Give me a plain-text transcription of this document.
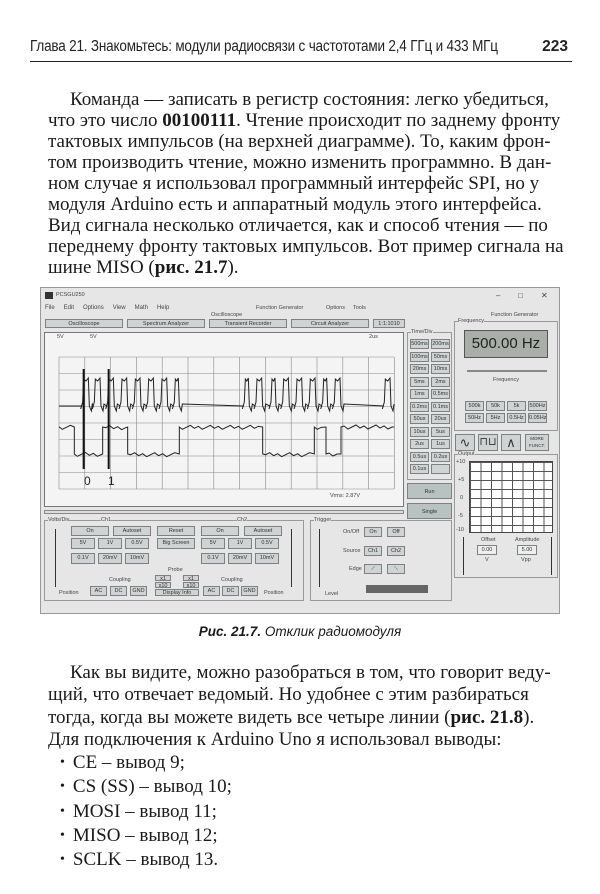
Глава 21. Знакомьтесь: модули радиосвязи с частототами 2,4 ГГц и 433 МГц	223
Команда — записать в регистр состояния: легко убедиться,
что это число 00100111. Чтение происходит по заднему фронту
тактовых импульсов (на верхней диаграмме). То, каким фрон-
том производить чтение, можно изменить программно. В дан-
ном случае я использовал программный интерфейс SPI, но у
модуля Arduino есть и аппаратный модуль этого интерфейса.
Вид сигнала несколько отличается, как и способ чтения — по
переднему фронту тактовых импульсов. Вот пример сигнала на
шине MISO (рис. 21.7).
PCSGU250	– □ ✕
File Edit Options View Math Help	Function Generator	Options Tools
Oscilloscope
Oscilloscope	Spectrum Analyzer	Transient Recorder	Circuit Analyzer	1:1:1010
5V	5V	2us
0 1
Vrms: 2.87V
Time/Div
500ms 200ms
100ms	50ms
20ms	10ms
5ms	2ms
1ms	0.5ms
0.2ms	0.1ms
50us	20us
10us	5us
2us	1us
0.5us	0.2us
0.1us
Run
Single
Function Generator
Frequency
500.00 Hz
Frequency
500k	50k	5k	500Hz
50Hz	5Hz	0.5Hz 0.05Hz
∿ ⊓⊔ ∧	MORE FUNCT.
Output
+10
+5
0
-5
-10
Offset
0.00
V
Amplitude
5.00
Vpp
Volts/Div	Ch1	Ch2
On	Autoset	Reset	On	Autoset
5V	1V	0.5V	Big Screen	5V	1V	0.5V
0.1V	20mV	10mV	0.1V	20mV	10mV
Probe
x1	x1
x10	x10
Display Info
Coupling	Coupling
Position	Position
AC	DC	GND	AC	DC	GND
Trigger
On/Off	On	Off
Source	Ch1	Ch2
Edge	⟋	⟍
Level
Рис. 21.7. Отклик радиомодуля
Как вы видите, можно разобраться в том, что говорит веду-
щий, что отвечает ведомый. Но удобнее с этим разбираться
тогда, когда вы можете видеть все четыре линии (рис. 21.8).
Для подключения к Arduino Uno я использовал выводы:
• CE – вывод 9;
• CS (SS) – вывод 10;
• MOSI – вывод 11;
• MISO – вывод 12;
• SCLK – вывод 13.
